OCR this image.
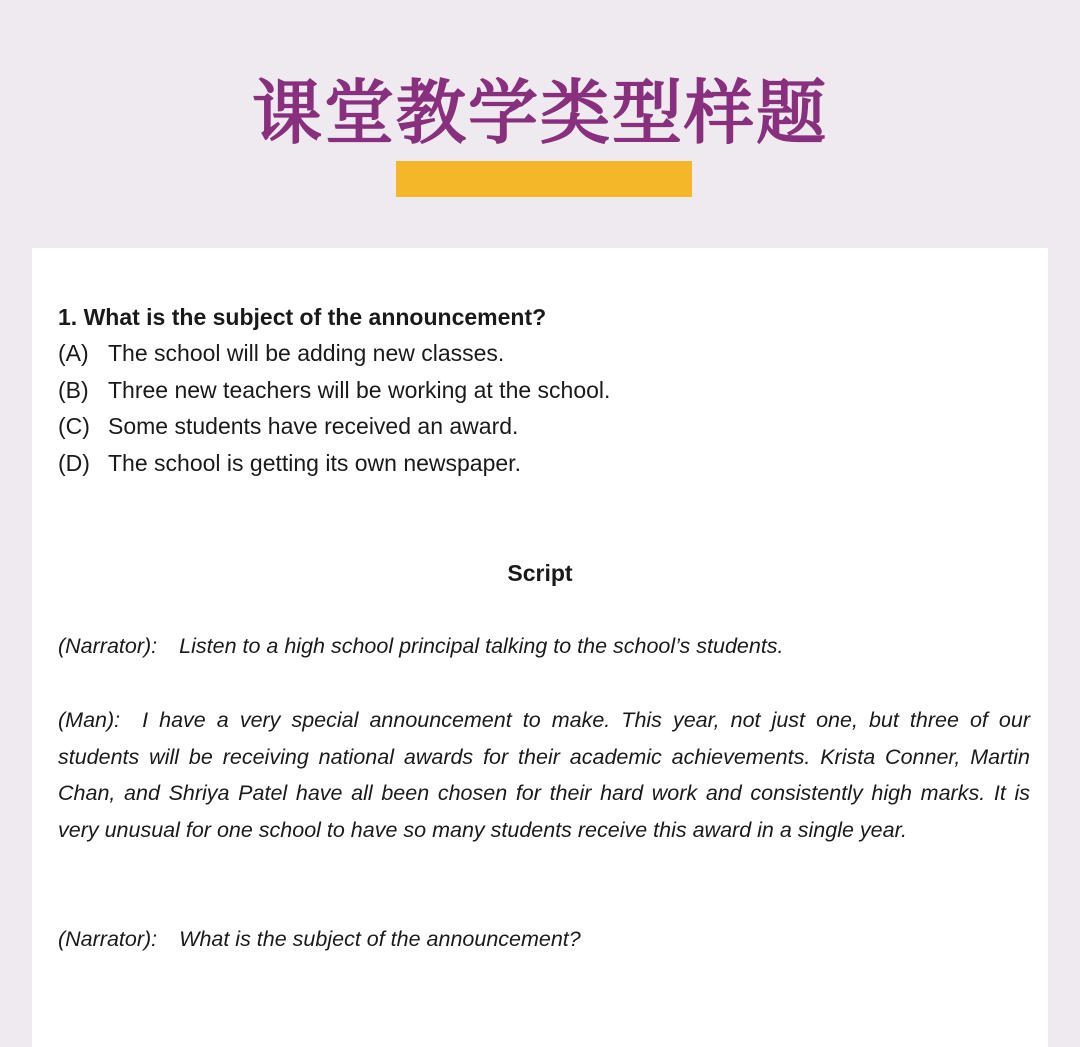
课堂教学类型样题

1. What is the subject of the announcement?

(A) The school will be adding new classes.
(B) Three new teachers will be working at the school.
(C) Some students have received an award.
(D) The school is getting its own newspaper.
Script

(Narrator): Listen to a high school principal talking to the school’s students.

(Man): I have a very special announcement to make. This year, not just one, but three of our students will be receiving national awards for their academic achievements. Krista Conner, Martin Chan, and Shriya Patel have all been chosen for their hard work and consistently high marks. It is very unusual for one school to have so many students receive this award in a single year.

(Narrator): What is the subject of the announcement?
